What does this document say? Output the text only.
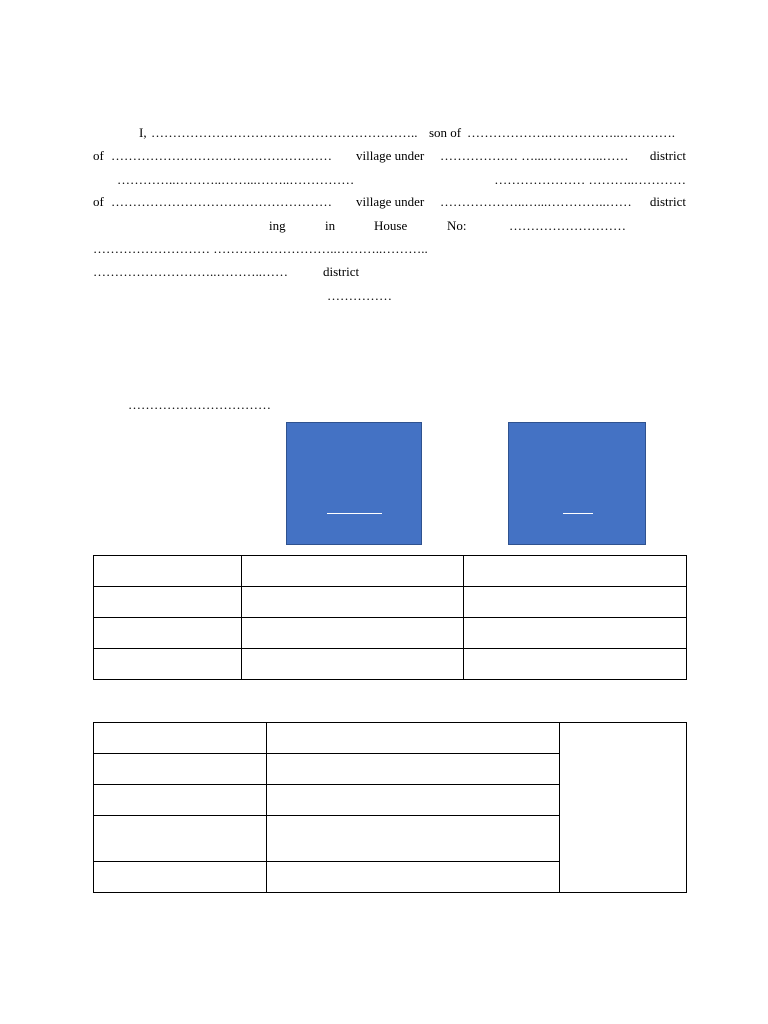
I, …………………………………………………….. son of ……………….……………..………….
of …………………………………………… village under ……………… …...…………..…… district
…………..………..……...……..……………	………………… ………..…………
of …………………………………………… village under ………………..…...…………..…… district
ing	in	House	No:	………………………
……………………… ………………………..………..………..
………………………..………..……	district
……………
……………………………
